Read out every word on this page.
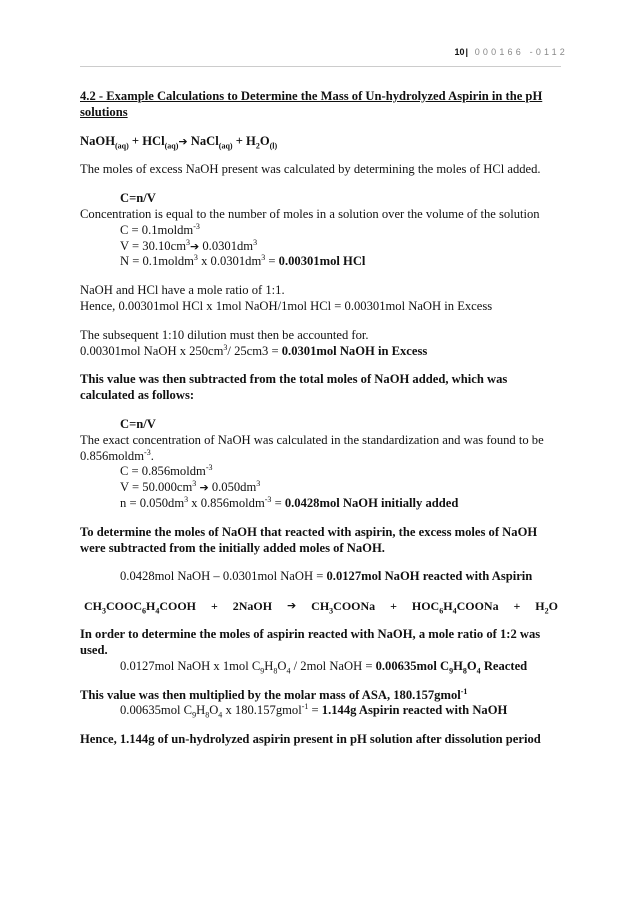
10| 000166 -0112
4.2 - Example Calculations to Determine the Mass of Un-hydrolyzed Aspirin in the pH
solutions
NaOH$_{(aq)}$ + HCl$_{(aq)}$➔ NaCl$_{(aq)}$ + $H_2O_{(l)}$
The moles of excess NaOH present was calculated by determining the moles of HCl added.
C=n/V
Concentration is equal to the number of moles in a solution over the volume of the solution
C = 0.1moldm$^{-3}$
$V = 30.10cm^3➔$ $0.0301dm^3$
N = 0.1moldm$^3$ x $0.0301dm^3 = 0.00301mol$ HCl
NaOH and HCl have a mole ratio of 1:1.
Hence, 0.00301mol HCl x 1mol NaOH/1mol HCl = 0.00301mol NaOH in Excess
The subsequent 1:10 dilution must then be accounted for.
0.00301mol NaOH x $250cm^3/$ 25cm3 = 0.0301mol NaOH in Excess
This value was then subtracted from the total moles of NaOH added, which was
calculated as follows:
C=n/V
The exact concentration of NaOH was calculated in the standardization and was found to be
0.856moldm$^{-3}$.
C = 0.856moldm$^{-3}$
$V = 50.000cm^3$ ➔ $0.050dm^3$
$n = 0.050dm^3$ x 0.856moldm$^{-3}$ = 0.0428mol NaOH initially added
To determine the moles of NaOH that reacted with aspirin, the excess moles of NaOH
were subtracted from the initially added moles of NaOH.
0.0428mol NaOH – 0.0301mol NaOH = 0.0127mol NaOH reacted with Aspirin
$CH_3COOC_6H_4COOH$ + 2NaOH ➔ $CH_3COONa$ + $HOC_6H_4COONa + H_2O$
In order to determine the moles of aspirin reacted with NaOH, a mole ratio of 1:2 was
used.
0.0127mol NaOH x 1mol $C_9H_8O_4 / 2mol$ NaOH = 0.00635mol $C_9H_8O_4$ Reacted
This value was then multiplied by the molar mass of ASA, 180.157gmol$^{-1}$
0.00635mol $C_9H_8O_4$ x 180.157gmol$^{-1}$ = 1.144g Aspirin reacted with NaOH
Hence, 1.144g of un-hydrolyzed aspirin present in pH solution after dissolution period
